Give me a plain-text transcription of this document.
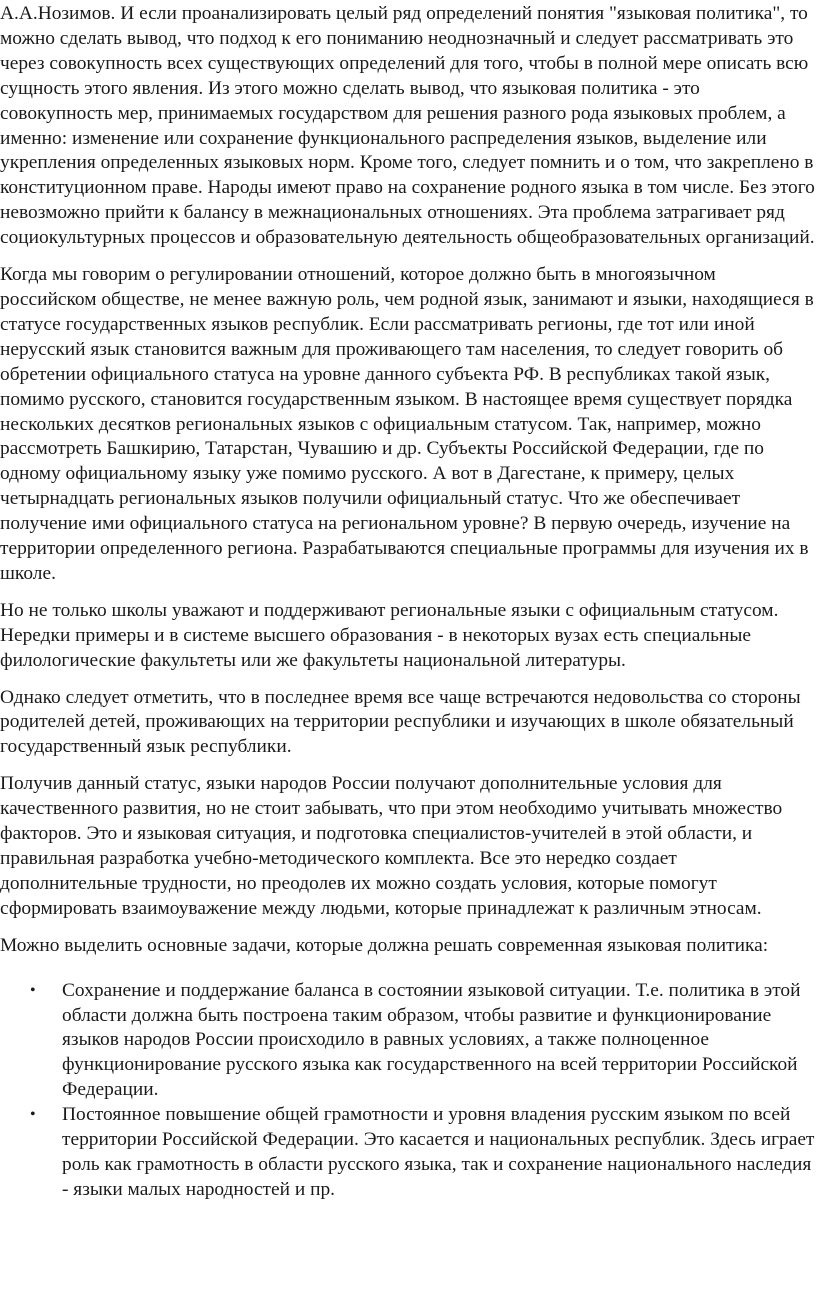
А.А.Нозимов. И если проанализировать целый ряд определений понятия "языковая политика", то можно сделать вывод, что подход к его пониманию неоднозначный и следует рассматривать это через совокупность всех существующих определений для того, чтобы в полной мере описать всю сущность этого явления. Из этого можно сделать вывод, что языковая политика - это совокупность мер, принимаемых государством для решения разного рода языковых проблем, а именно: изменение или сохранение функционального распределения языков, выделение или укрепления определенных языковых норм. Кроме того, следует помнить и о том, что закреплено в конституционном праве. Народы имеют право на сохранение родного языка в том числе. Без этого невозможно прийти к балансу в межнациональных отношениях. Эта проблема затрагивает ряд социокультурных процессов и образовательную деятельность общеобразовательных организаций.

Когда мы говорим о регулировании отношений, которое должно быть в многоязычном российском обществе, не менее важную роль, чем родной язык, занимают и языки, находящиеся в статусе государственных языков республик. Если рассматривать регионы, где тот или иной нерусский язык становится важным для проживающего там населения, то следует говорить об обретении официального статуса на уровне данного субъекта РФ. В республиках такой язык, помимо русского, становится государственным языком. В настоящее время существует порядка нескольких десятков региональных языков с официальным статусом. Так, например, можно рассмотреть Башкирию, Татарстан, Чувашию и др. Субъекты Российской Федерации, где по одному официальному языку уже помимо русского. А вот в Дагестане, к примеру, целых четырнадцать региональных языков получили официальный статус. Что же обеспечивает получение ими официального статуса на региональном уровне? В первую очередь, изучение на территории определенного региона. Разрабатываются специальные программы для изучения их в школе.

Но не только школы уважают и поддерживают региональные языки с официальным статусом. Нередки примеры и в системе высшего образования - в некоторых вузах есть специальные филологические факультеты или же факультеты национальной литературы.

Однако следует отметить, что в последнее время все чаще встречаются недовольства со стороны родителей детей, проживающих на территории республики и изучающих в школе обязательный государственный язык республики.

Получив данный статус, языки народов России получают дополнительные условия для качественного развития, но не стоит забывать, что при этом необходимо учитывать множество факторов. Это и языковая ситуация, и подготовка специалистов-учителей в этой области, и правильная разработка учебно-методического комплекта. Все это нередко создает дополнительные трудности, но преодолев их можно создать условия, которые помогут сформировать взаимоуважение между людьми, которые принадлежат к различным этносам.

Можно выделить основные задачи, которые должна решать современная языковая политика:

• Сохранение и поддержание баланса в состоянии языковой ситуации. Т.е. политика в этой области должна быть построена таким образом, чтобы развитие и функционирование языков народов России происходило в равных условиях, а также полноценное функционирование русского языка как государственного на всей территории Российской Федерации.
• Постоянное повышение общей грамотности и уровня владения русским языком по всей территории Российской Федерации. Это касается и национальных республик. Здесь играет роль как грамотность в области русского языка, так и сохранение национального наследия - языки малых народностей и пр.
